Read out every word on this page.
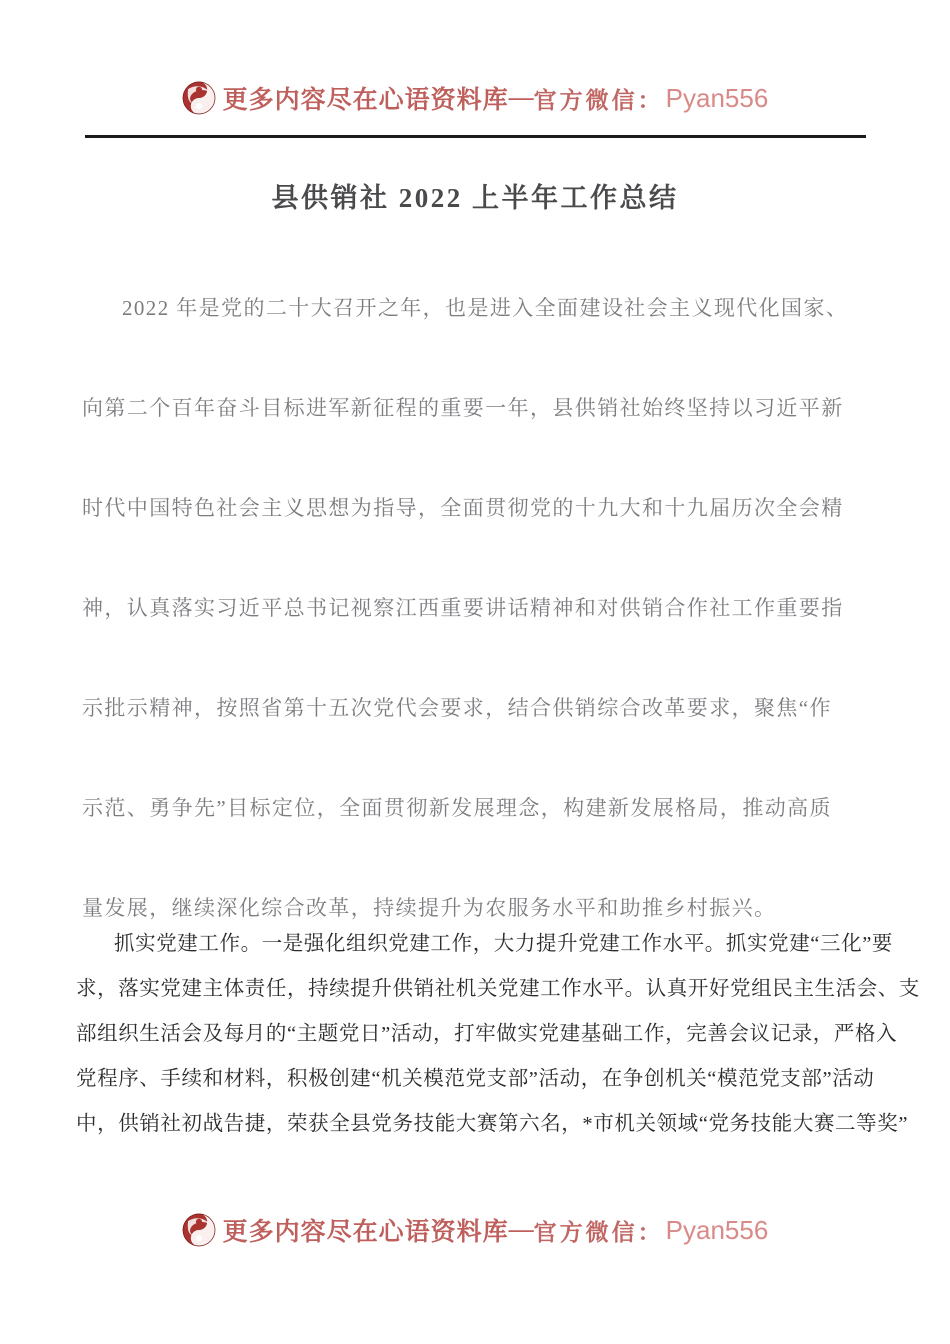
更多内容尽在心语资料库 — 官方微信： Pyan556
县供销社 2022 上半年工作总结
2022 年是党的二十大召开之年，也是进入全面建设社会主义现代化国家、
向第二个百年奋斗目标进军新征程的重要一年，县供销社始终坚持以习近平新
时代中国特色社会主义思想为指导，全面贯彻党的十九大和十九届历次全会精
神，认真落实习近平总书记视察江西重要讲话精神和对供销合作社工作重要指
示批示精神，按照省第十五次党代会要求，结合供销综合改革要求，聚焦“作
示范、勇争先”目标定位，全面贯彻新发展理念，构建新发展格局，推动高质
量发展，继续深化综合改革，持续提升为农服务水平和助推乡村振兴。
抓实党建工作。一是强化组织党建工作，大力提升党建工作水平。抓实党建“三化”要
求，落实党建主体责任，持续提升供销社机关党建工作水平。认真开好党组民主生活会、支
部组织生活会及每月的“主题党日”活动，打牢做实党建基础工作，完善会议记录，严格入
党程序、手续和材料，积极创建“机关模范党支部”活动，在争创机关“模范党支部”活动
中，供销社初战告捷，荣获全县党务技能大赛第六名，*市机关领域“党务技能大赛二等奖”
更多内容尽在心语资料库 — 官方微信： Pyan556
